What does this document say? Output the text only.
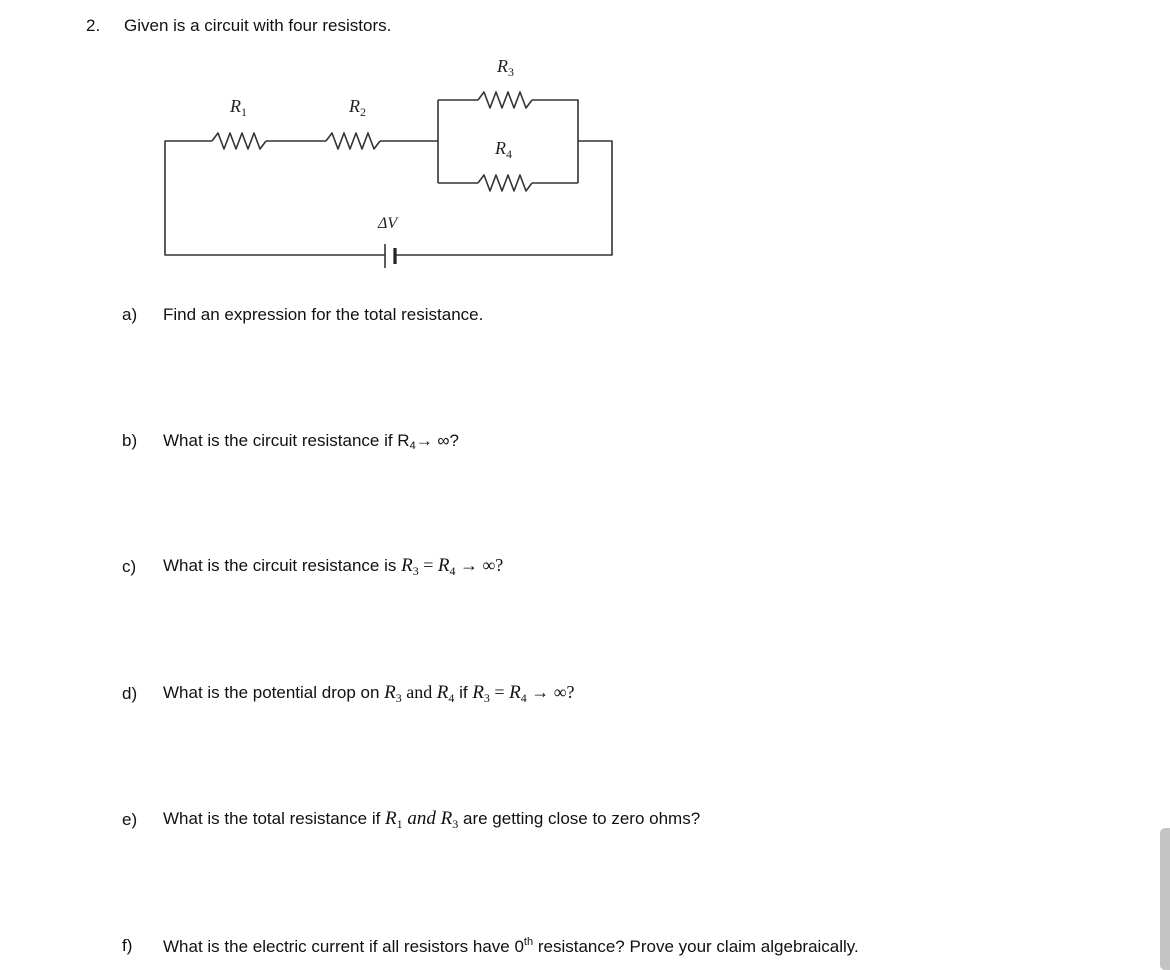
2. Given is a circuit with four resistors.
$R_1$	$R_2$
$R_3$
$R_4$
ΔV
a) Find an expression for the total resistance.
b) What is the circuit resistance if R4→ ∞?
c) What is the circuit resistance is $R_3 = R_4$ → ∞?
d) What is the potential drop on $R_3$ and $R_4$ if $R_3 = R_4$ → ∞?
e) What is the total resistance if $R_1$ and $R_3$ are getting close to zero ohms?
f) What is the electric current if all resistors have 0th resistance? Prove your claim algebraically.
